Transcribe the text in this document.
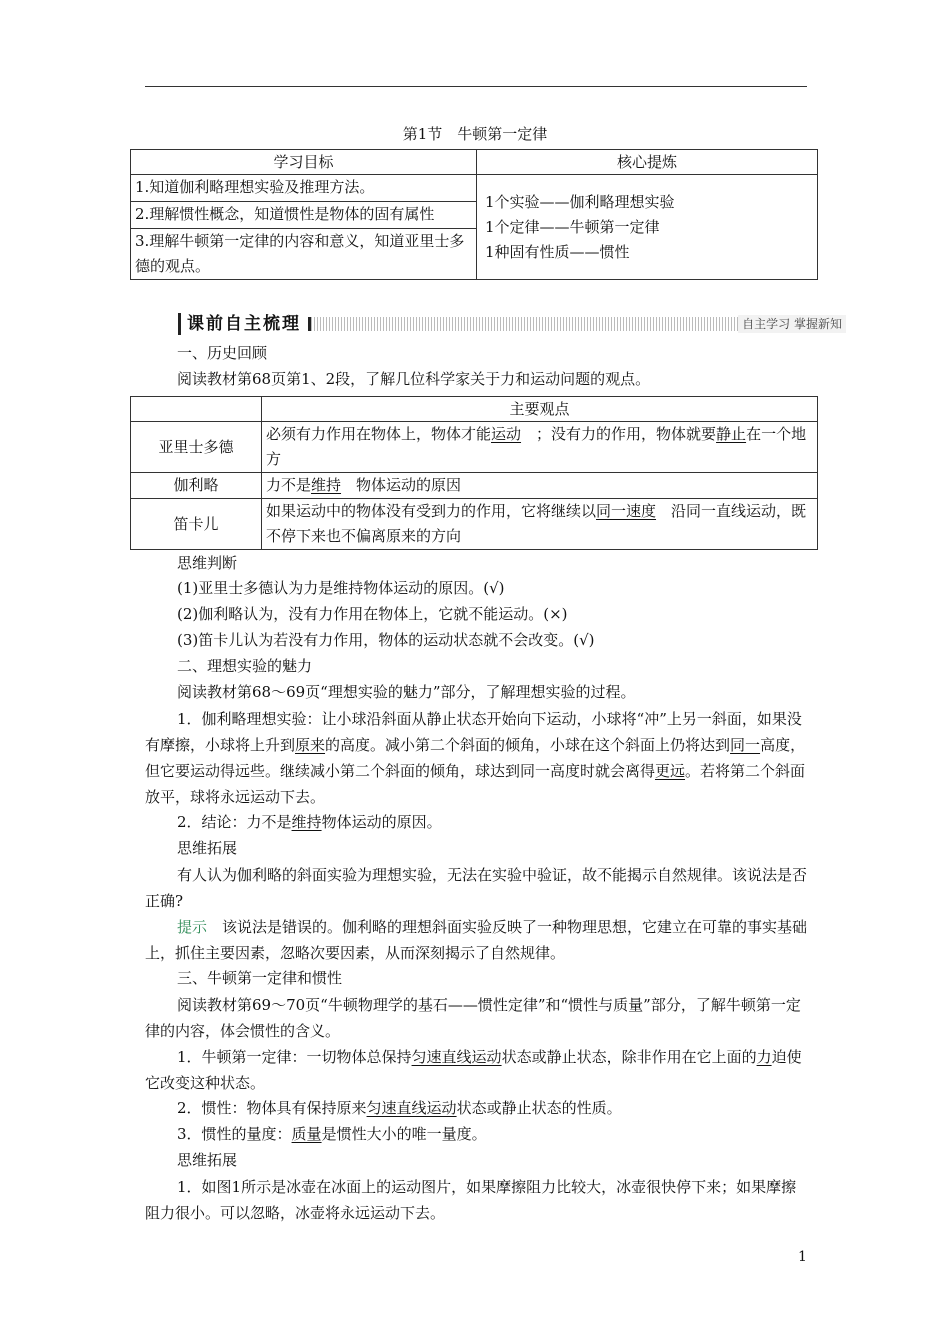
第1节　牛顿第一定律
学习目标	核心提炼
1.知道伽利略理想实验及推理方法。	1个实验——伽利略理想实验
1个定律——牛顿第一定律
1种固有性质——惯性

2.理解惯性概念，知道惯性是物体的固有属性	
3.理解牛顿第一定律的内容和意义，知道亚里士多德的观点。	
课前自主梳理	自主学习 掌握新知
一、历史回顾
阅读教材第68页第1、2段，了解几位科学家关于力和运动问题的观点。
	主要观点
亚里士多德	必须有力作用在物体上，物体才能运动　；没有力的作用，物体就要静止在一个地方
伽利略	力不是维持　物体运动的原因
笛卡儿	如果运动中的物体没有受到力的作用，它将继续以同一速度　沿同一直线运动，既不停下来也不偏离原来的方向
思维判断
(1)亚里士多德认为力是维持物体运动的原因。(√)
(2)伽利略认为，没有力作用在物体上，它就不能运动。(×)
(3)笛卡儿认为若没有力作用，物体的运动状态就不会改变。(√)
二、理想实验的魅力
阅读教材第68～69页“理想实验的魅力”部分，了解理想实验的过程。
1．伽利略理想实验：让小球沿斜面从静止状态开始向下运动，小球将“冲”上另一斜面，如果没有摩擦，小球将上升到原来的高度。减小第二个斜面的倾角，小球在这个斜面上仍将达到同一高度，但它要运动得远些。继续减小第二个斜面的倾角，球达到同一高度时就会离得更远。若将第二个斜面放平，球将永远运动下去。
2．结论：力不是维持物体运动的原因。
思维拓展
有人认为伽利略的斜面实验为理想实验，无法在实验中验证，故不能揭示自然规律。该说法是否正确?
提示　该说法是错误的。伽利略的理想斜面实验反映了一种物理思想，它建立在可靠的事实基础上，抓住主要因素，忽略次要因素，从而深刻揭示了自然规律。
三、牛顿第一定律和惯性
阅读教材第69～70页“牛顿物理学的基石——惯性定律”和“惯性与质量”部分，了解牛顿第一定律的内容，体会惯性的含义。
1．牛顿第一定律：一切物体总保持匀速直线运动状态或静止状态，除非作用在它上面的力迫使它改变这种状态。
2．惯性：物体具有保持原来匀速直线运动状态或静止状态的性质。
3．惯性的量度：质量是惯性大小的唯一量度。
思维拓展
1．如图1所示是冰壶在冰面上的运动图片，如果摩擦阻力比较大，冰壶很快停下来；如果摩擦阻力很小。可以忽略，冰壶将永远运动下去。
1
